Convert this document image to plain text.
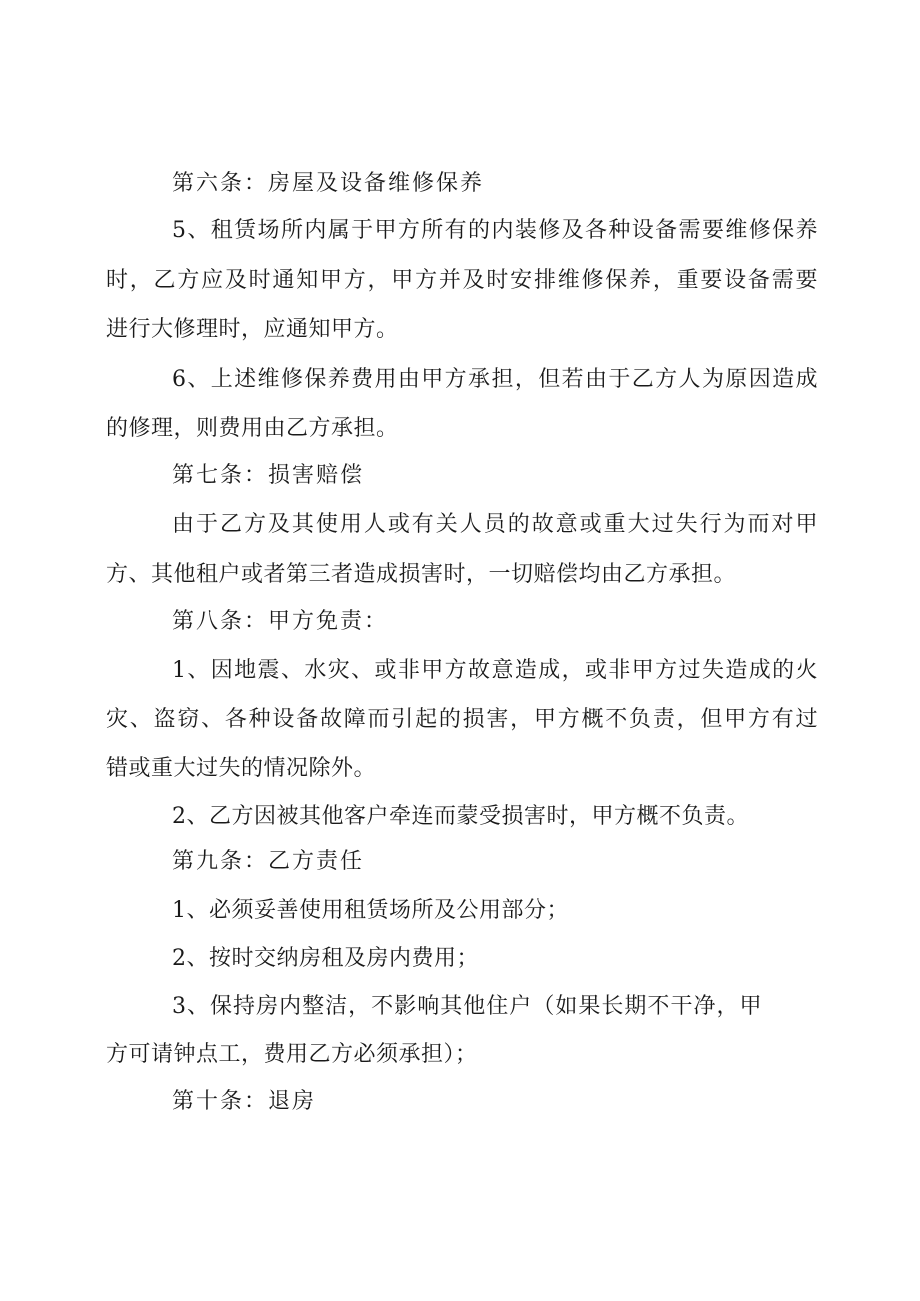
第六条：房屋及设备维修保养
5、租赁场所内属于甲方所有的内装修及各种设备需要维修保养
时，乙方应及时通知甲方，甲方并及时安排维修保养，重要设备需要
进行大修理时，应通知甲方。
6、上述维修保养费用由甲方承担，但若由于乙方人为原因造成
的修理，则费用由乙方承担。
第七条：损害赔偿
由于乙方及其使用人或有关人员的故意或重大过失行为而对甲
方、其他租户或者第三者造成损害时，一切赔偿均由乙方承担。
第八条：甲方免责：
1、因地震、水灾、或非甲方故意造成，或非甲方过失造成的火
灾、盗窃、各种设备故障而引起的损害，甲方概不负责，但甲方有过
错或重大过失的情况除外。
2、乙方因被其他客户牵连而蒙受损害时，甲方概不负责。
第九条：乙方责任
1、必须妥善使用租赁场所及公用部分；
2、按时交纳房租及房内费用；
3、保持房内整洁，不影响其他住户（如果长期不干净，甲
方可请钟点工，费用乙方必须承担）；
第十条：退房
